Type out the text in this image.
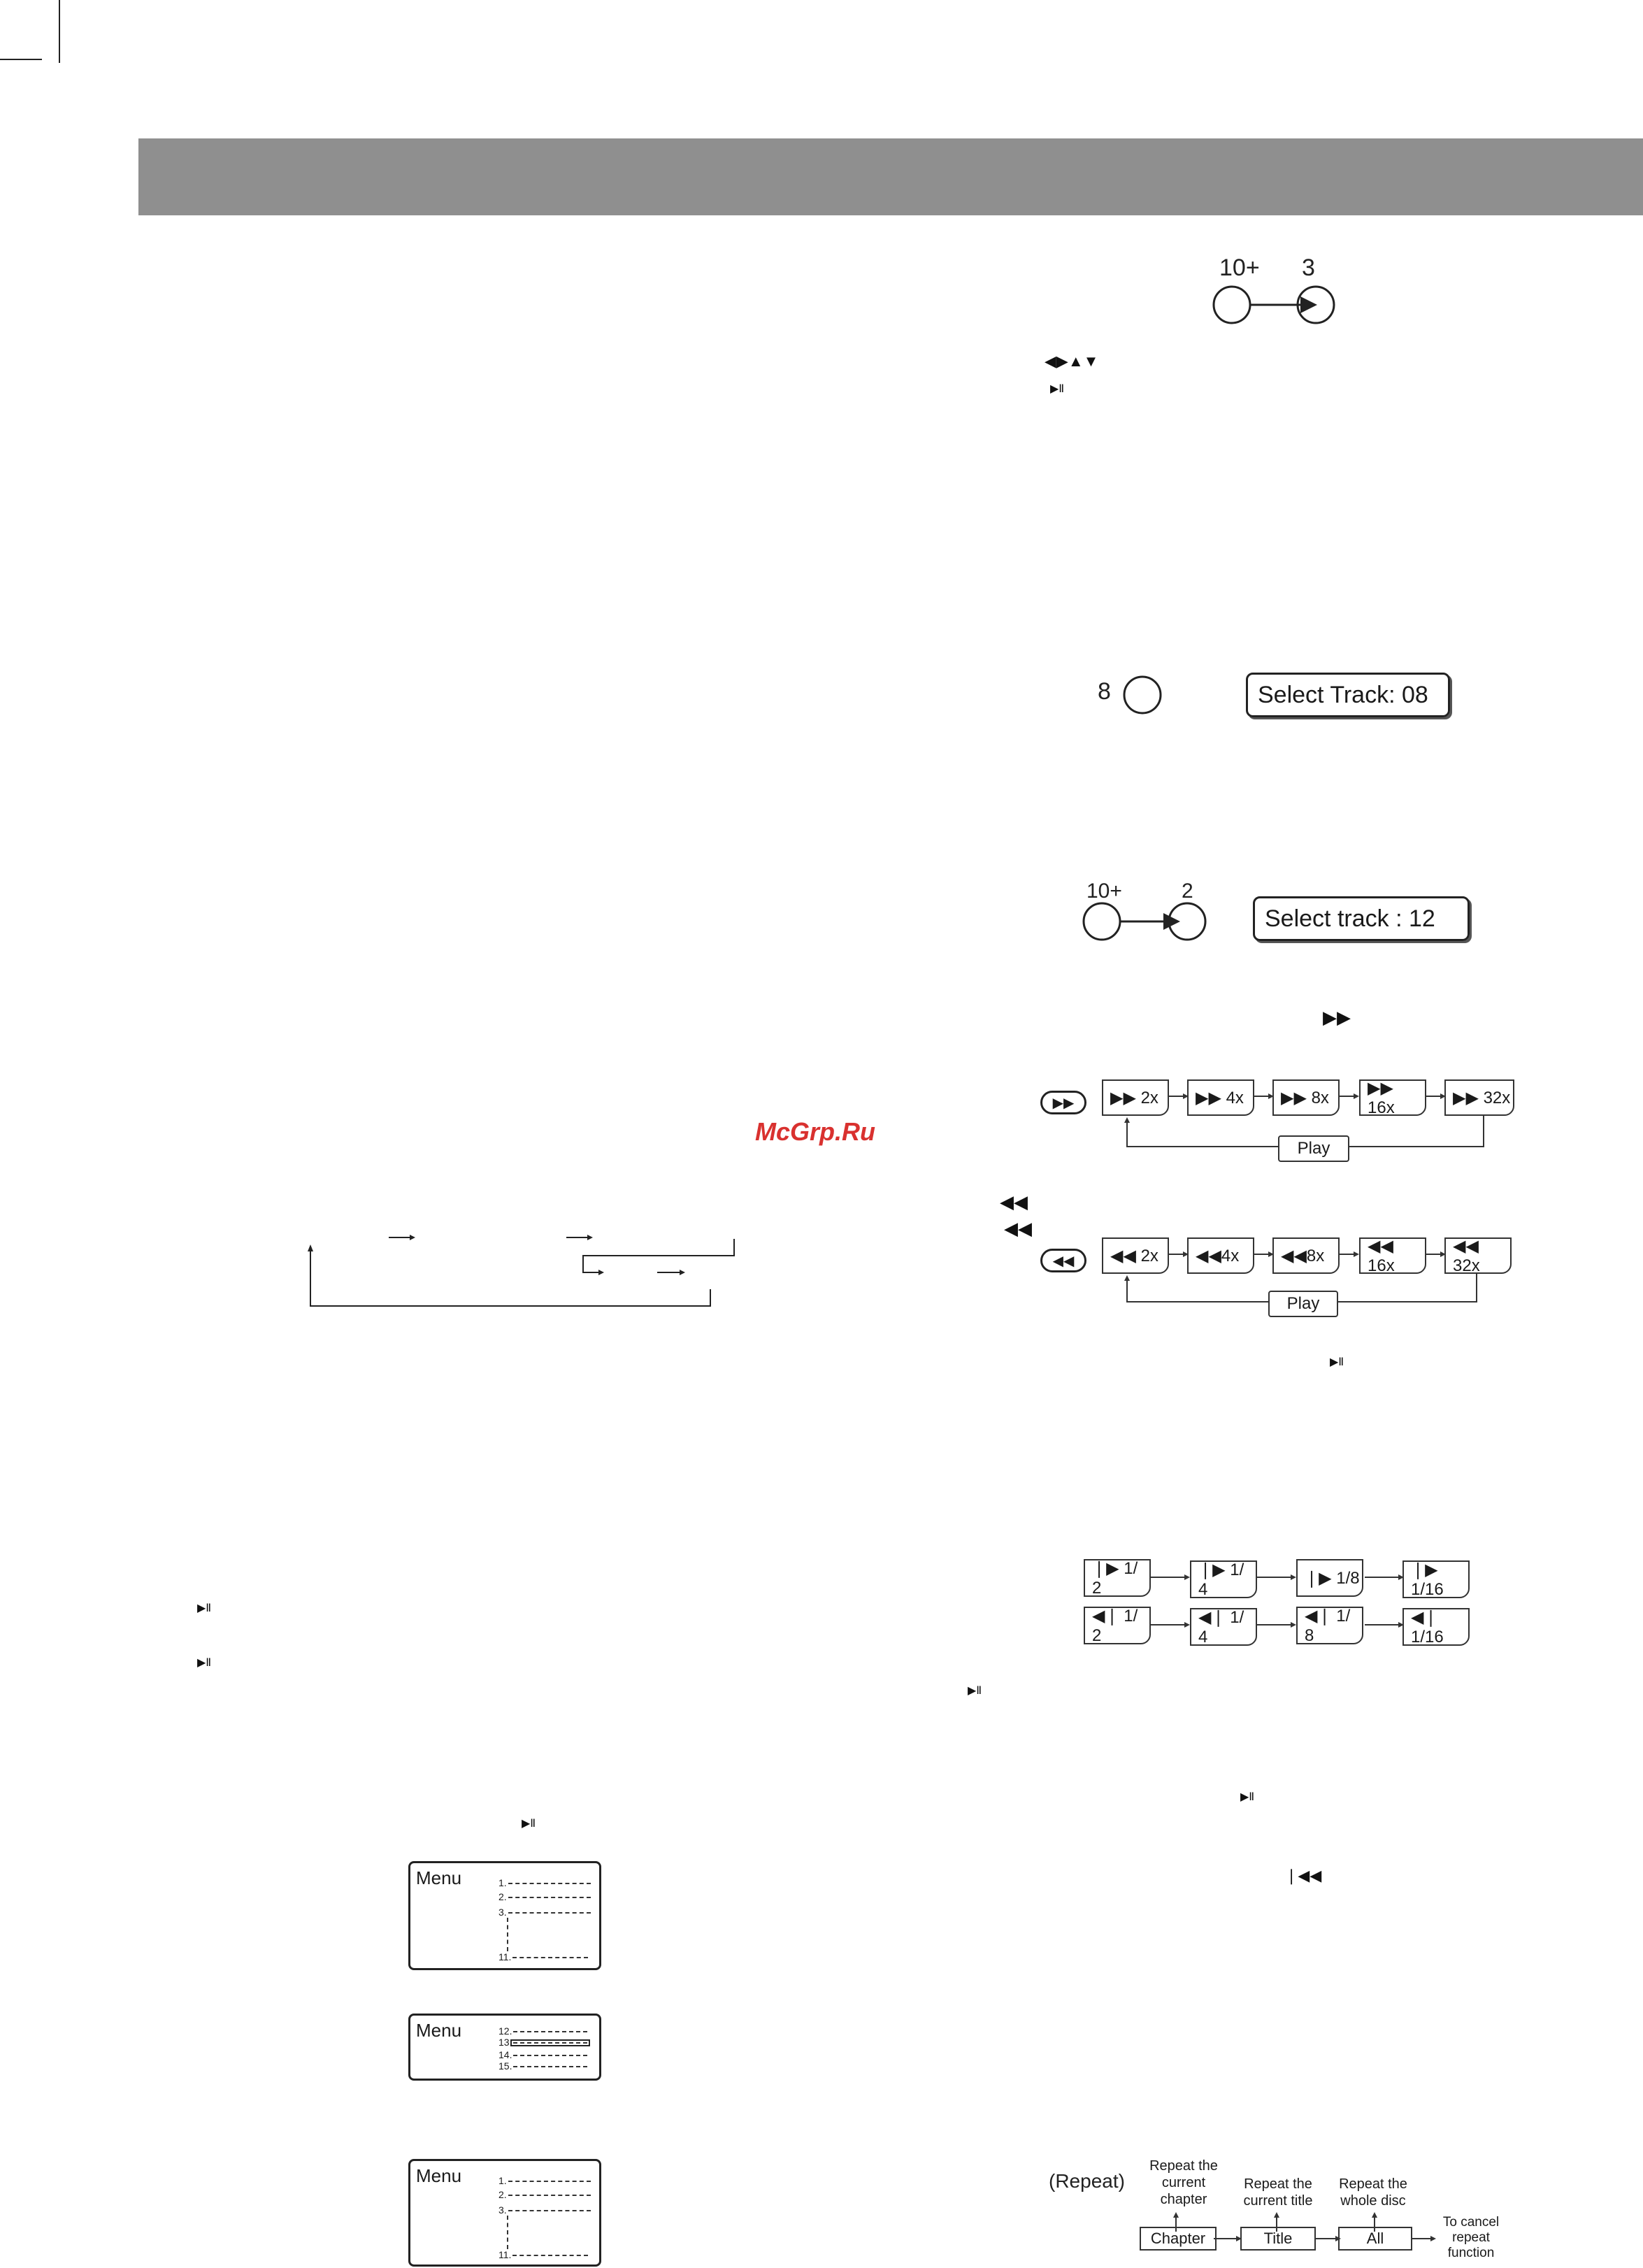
McGrp.Ru
10+ 3
◀▶▲▼
▶Ⅱ
8	Select Track: 08
10+	2
Select track : 12
▶▶
▶▶	▶▶ 2x	▶▶ 4x	▶▶ 8x
▶▶ 16x
▶▶ 32x
Play
◀◀
◀◀
◀◀	◀◀ 2x	◀◀4x	◀◀8x
◀◀ 16x
◀◀ 32x
Play
▶Ⅱ
❘▶ 1/ 2
❘▶ 1/ 4
❘▶ 1/8	❘▶ 1/16
◀❘ 1/ 2
◀❘ 1/ 4
◀❘ 1/ 8
◀❘ 1/16
▶Ⅱ
▶Ⅱ
❘◀◀
▶Ⅱ
▶Ⅱ
▶Ⅱ
Menu	1.
2.
3.
11.
Menu	12.
13.
14.
15.
Menu	1.
2.
3.
11.
(Repeat)
Repeat the current chapter
Repeat the current title
Repeat the whole disc
Chapter	Title	All
To cancel repeat function
